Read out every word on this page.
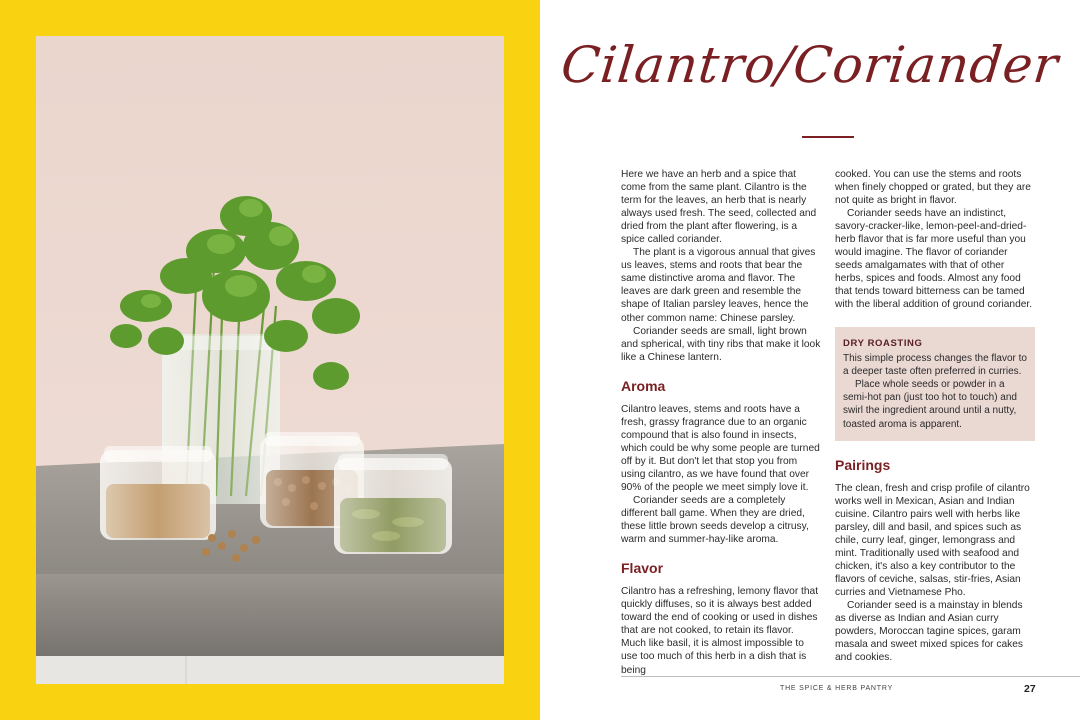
Cilantro/Coriander

Here we have an herb and a spice that come from the same plant. Cilantro is the term for the leaves, an herb that is nearly always used fresh. The seed, collected and dried from the plant after flowering, is a spice called coriander.

The plant is a vigorous annual that gives us leaves, stems and roots that bear the same distinctive aroma and flavor. The leaves are dark green and resemble the shape of Italian parsley leaves, hence the other common name: Chinese parsley.

Coriander seeds are small, light brown and spherical, with tiny ribs that make it look like a Chinese lantern.

Aroma

Cilantro leaves, stems and roots have a fresh, grassy fragrance due to an organic compound that is also found in insects, which could be why some people are turned off by it. But don't let that stop you from using cilantro, as we have found that over 90% of the people we meet simply love it.

Coriander seeds are a completely different ball game. When they are dried, these little brown seeds develop a citrusy, warm and summer-hay-like aroma.

Flavor

Cilantro has a refreshing, lemony flavor that quickly diffuses, so it is always best added toward the end of cooking or used in dishes that are not cooked, to retain its flavor. Much like basil, it is almost impossible to use too much of this herb in a dish that is being

cooked. You can use the stems and roots when finely chopped or grated, but they are not quite as bright in flavor.

Coriander seeds have an indistinct, savory-cracker-like, lemon-peel-and-dried-herb flavor that is far more useful than you would imagine. The flavor of coriander seeds amalgamates with that of other herbs, spices and foods. Almost any food that tends toward bitterness can be tamed with the liberal addition of ground coriander.

DRY ROASTING

This simple process changes the flavor to a deeper taste often preferred in curries.

Place whole seeds or powder in a semi-hot pan (just too hot to touch) and swirl the ingredient around until a nutty, toasted aroma is apparent.

Pairings

The clean, fresh and crisp profile of cilantro works well in Mexican, Asian and Indian cuisine. Cilantro pairs well with herbs like parsley, dill and basil, and spices such as chile, curry leaf, ginger, lemongrass and mint. Traditionally used with seafood and chicken, it's also a key contributor to the flavors of ceviche, salsas, stir-fries, Asian curries and Vietnamese Pho.

Coriander seed is a mainstay in blends as diverse as Indian and Asian curry powders, Moroccan tagine spices, garam masala and sweet mixed spices for cakes and cookies.

THE SPICE & HERB PANTRY	27
